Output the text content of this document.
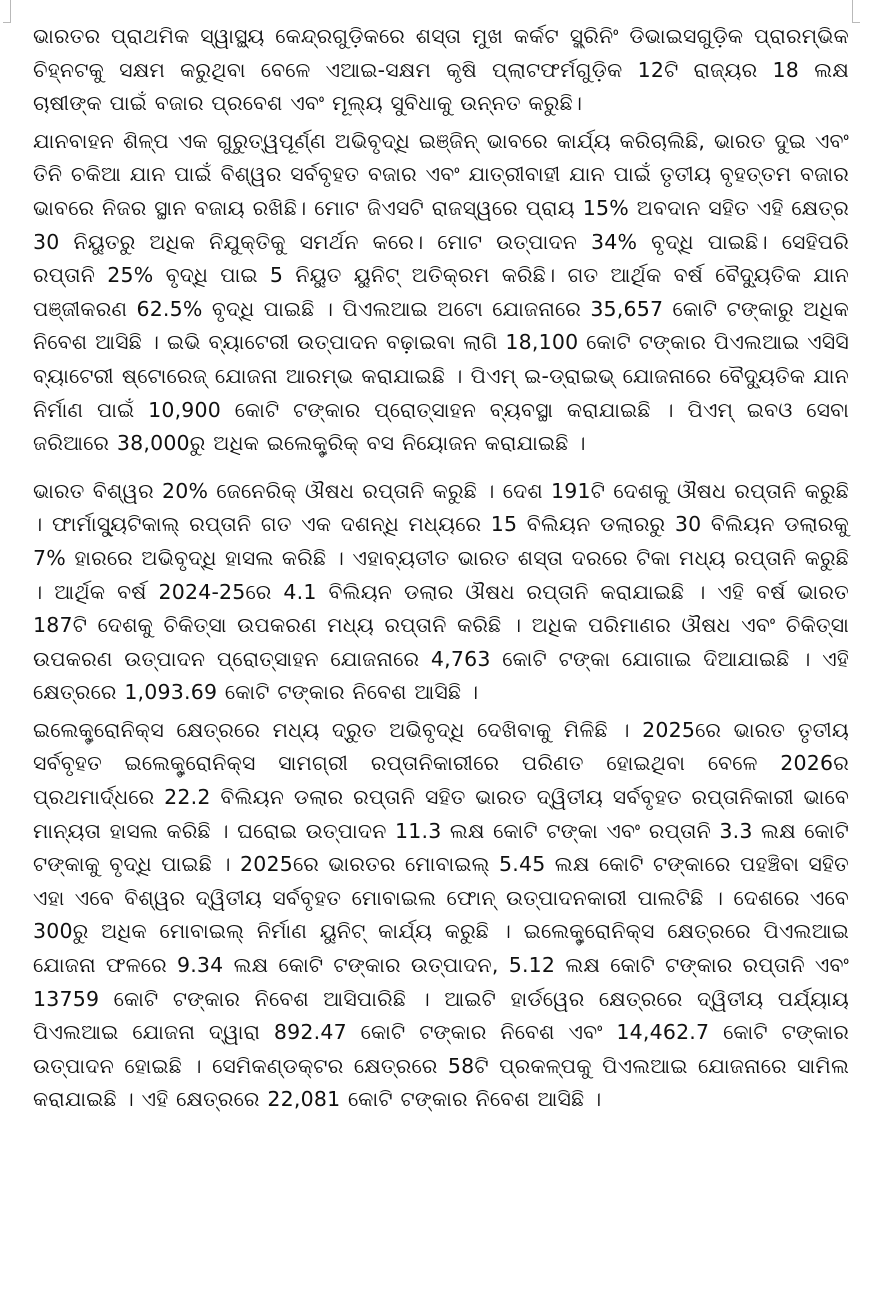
ଭାରତର ପ୍ରାଥମିକ ସ୍ୱାସ୍ଥ୍ୟ କେନ୍ଦ୍ରଗୁଡ଼ିକରେ ଶସ୍ତା ମୁଖ କର୍କଟ ସ୍କ୍ରିନିଂ ଡିଭାଇସଗୁଡ଼ିକ ପ୍ରାରମ୍ଭିକ ଚିହ୍ନଟକୁ ସକ୍ଷମ କରୁଥିବା ବେଳେ ଏଆଇ-ସକ୍ଷମ କୃଷି ପ୍ଲାଟଫର୍ମଗୁଡ଼ିକ 12ଟି ରାଜ୍ୟର 18 ଲକ୍ଷ ଚାଷୀଙ୍କ ପାଇଁ ବଜାର ପ୍ରବେଶ ଏବଂ ମୂଲ୍ୟ ସୁବିଧାକୁ ଉନ୍ନତ କରୁଛି।

ଯାନବାହନ ଶିଳ୍ପ ଏକ ଗୁରୁତ୍ୱପୂର୍ଣ୍ଣ ଅଭିବୃଦ୍ଧି ଇଞ୍ଜିନ୍ ଭାବରେ କାର୍ଯ୍ୟ କରିଚାଲିଛି, ଭାରତ ଦୁଇ ଏବଂ ତିନି ଚକିଆ ଯାନ ପାଇଁ ବିଶ୍ୱର ସର୍ବବୃହତ ବଜାର ଏବଂ ଯାତ୍ରୀବାହୀ ଯାନ ପାଇଁ ତୃତୀୟ ବୃହତ୍ତମ ବଜାର ଭାବରେ ନିଜର ସ୍ଥାନ ବଜାୟ ରଖିଛି। ମୋଟ ଜିଏସଟି ରାଜସ୍ୱରେ ପ୍ରାୟ 15% ଅବଦାନ ସହିତ ଏହି କ୍ଷେତ୍ର 30 ନିୟୁତରୁ ଅଧିକ ନିଯୁକ୍ତିକୁ ସମର୍ଥନ କରେ। ମୋଟ ଉତ୍ପାଦନ 34% ବୃଦ୍ଧି ପାଇଛି। ସେହିପରି ରପ୍ତାନି 25% ବୃଦ୍ଧି ପାଇ 5 ନିୟୁତ ୟୁନିଟ୍ ଅତିକ୍ରମ କରିଛି। ଗତ ଆର୍ଥିକ ବର୍ଷ ବୈଦ୍ୟୁତିକ ଯାନ ପଞ୍ଜୀକରଣ 62.5% ବୃଦ୍ଧି ପାଇଛି । ପିଏଲଆଇ ଅଟୋ ଯୋଜନାରେ 35,657 କୋଟି ଟଙ୍କାରୁ ଅଧିକ ନିବେଶ ଆସିଛି । ଇଭି ବ୍ୟାଟେରୀ ଉତ୍ପାଦନ ବଢ଼ାଇବା ଲାଗି 18,100 କୋଟି ଟଙ୍କାର ପିଏଲଆଇ ଏସିସି ବ୍ୟାଟେରୀ ଷ୍ଟୋରେଜ୍ ଯୋଜନା ଆରମ୍ଭ କରାଯାଇଛି । ପିଏମ୍ ଇ-ଡ୍ରାଇଭ୍ ଯୋଜନାରେ ବୈଦ୍ୟୁତିକ ଯାନ ନିର୍ମାଣ ପାଇଁ 10,900 କୋଟି ଟଙ୍କାର ପ୍ରୋତ୍ସାହନ ବ୍ୟବସ୍ଥା କରାଯାଇଛି । ପିଏମ୍ ଇବଓ ସେବା ଜରିଆରେ 38,000ରୁ ଅଧିକ ଇଲେକ୍ଟ୍ରିକ୍ ବସ ନିୟୋଜନ କରାଯାଇଛି ।

ଭାରତ ବିଶ୍ୱର 20% ଜେନେରିକ୍ ଔଷଧ ରପ୍ତାନି କରୁଛି । ଦେଶ 191ଟି ଦେଶକୁ ଔଷଧ ରପ୍ତାନି କରୁଛି । ଫାର୍ମାସ୍ୟୁଟିକାଲ୍ ରପ୍ତାନି ଗତ ଏକ ଦଶନ୍ଧି ମଧ୍ୟରେ 15 ବିଲିୟନ ଡଲାରରୁ 30 ବିଲିୟନ ଡଲାରକୁ 7% ହାରରେ ଅଭିବୃଦ୍ଧି ହାସଲ କରିଛି । ଏହାବ୍ୟତୀତ ଭାରତ ଶସ୍ତା ଦରରେ ଟିକା ମଧ୍ୟ ରପ୍ତାନି କରୁଛି । ଆର୍ଥିକ ବର୍ଷ 2024-25ରେ 4.1 ବିଲିୟନ ଡଲାର ଔଷଧ ରପ୍ତାନି କରାଯାଇଛି । ଏହି ବର୍ଷ ଭାରତ 187ଟି ଦେଶକୁ ଚିକିତ୍ସା ଉପକରଣ ମଧ୍ୟ ରପ୍ତାନି କରିଛି । ଅଧିକ ପରିମାଣର ଔଷଧ ଏବଂ ଚିକିତ୍ସା ଉପକରଣ ଉତ୍ପାଦନ ପ୍ରୋତ୍ସାହନ ଯୋଜନାରେ 4,763 କୋଟି ଟଙ୍କା ଯୋଗାଇ ଦିଆଯାଇଛି । ଏହି କ୍ଷେତ୍ରରେ 1,093.69 କୋଟି ଟଙ୍କାର ନିବେଶ ଆସିଛି ।

ଇଲେକ୍ଟ୍ରୋନିକ୍ସ କ୍ଷେତ୍ରରେ ମଧ୍ୟ ଦ୍ରୁତ ଅଭିବୃଦ୍ଧି ଦେଖିବାକୁ ମିଳିଛି । 2025ରେ ଭାରତ ତୃତୀୟ ସର୍ବବୃହତ ଇଲେକ୍ଟ୍ରୋନିକ୍ସ ସାମଗ୍ରୀ ରପ୍ତାନିକାରୀରେ ପରିଣତ ହୋଇଥିବା ବେଳେ 2026ର ପ୍ରଥମାର୍ଦ୍ଧରେ 22.2 ବିଲିୟନ ଡଲାର ରପ୍ତାନି ସହିତ ଭାରତ ଦ୍ୱିତୀୟ ସର୍ବବୃହତ ରପ୍ତାନିକାରୀ ଭାବେ ମାନ୍ୟତା ହାସଲ କରିଛି । ଘରୋଇ ଉତ୍ପାଦନ 11.3 ଲକ୍ଷ କୋଟି ଟଙ୍କା ଏବଂ ରପ୍ତାନି 3.3 ଲକ୍ଷ କୋଟି ଟଙ୍କାକୁ ବୃଦ୍ଧି ପାଇଛି । 2025ରେ ଭାରତର ମୋବାଇଲ୍ 5.45 ଲକ୍ଷ କୋଟି ଟଙ୍କାରେ ପହଞ୍ଚିବା ସହିତ ଏହା ଏବେ ବିଶ୍ୱର ଦ୍ୱିତୀୟ ସର୍ବବୃହତ ମୋବାଇଲ ଫୋନ୍ ଉତ୍ପାଦନକାରୀ ପାଲଟିଛି । ଦେଶରେ ଏବେ 300ରୁ ଅଧିକ ମୋବାଇଲ୍ ନିର୍ମାଣ ୟୁନିଟ୍ କାର୍ଯ୍ୟ କରୁଛି । ଇଲେକ୍ଟ୍ରୋନିକ୍ସ କ୍ଷେତ୍ରରେ ପିଏଲଆଇ ଯୋଜନା ଫଳରେ 9.34 ଲକ୍ଷ କୋଟି ଟଙ୍କାର ଉତ୍ପାଦନ, 5.12 ଲକ୍ଷ କୋଟି ଟଙ୍କାର ରପ୍ତାନି ଏବଂ 13759 କୋଟି ଟଙ୍କାର ନିବେଶ ଆସିପାରିଛି । ଆଇଟି ହାର୍ଡୱେର କ୍ଷେତ୍ରରେ ଦ୍ୱିତୀୟ ପର୍ଯ୍ୟାୟ ପିଏଲଆଇ ଯୋଜନା ଦ୍ୱାରା 892.47 କୋଟି ଟଙ୍କାର ନିବେଶ ଏବଂ 14,462.7 କୋଟି ଟଙ୍କାର ଉତ୍ପାଦନ ହୋଇଛି । ସେମିକଣ୍ଡକ୍ଟର କ୍ଷେତ୍ରରେ 58ଟି ପ୍ରକଳ୍ପକୁ ପିଏଲଆଇ ଯୋଜନାରେ ସାମିଲ କରାଯାଇଛି । ଏହି କ୍ଷେତ୍ରରେ 22,081 କୋଟି ଟଙ୍କାର ନିବେଶ ଆସିଛି ।
